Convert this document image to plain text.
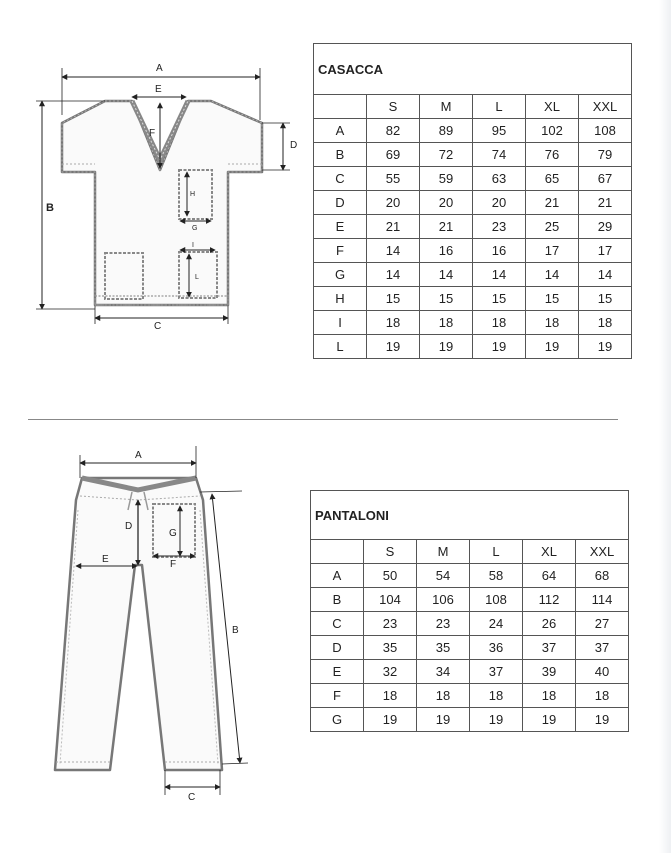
A
E
F
B
D
C
H
G
I
L
CASACCA					
	S	M	L	XL	XXL
A	82	89	95	102	108
B	69	72	74	76	79
C	55	59	63	65	67
D	20	20	20	21	21
E	21	21	23	25	29
F	14	16	16	17	17
G	14	14	14	14	14
H	15	15	15	15	15
I	18	18	18	18	18
L	19	19	19	19	19
A
D
E
G
F
B
C
PANTALONI					
	S	M	L	XL	XXL
A	50	54	58	64	68
B	104	106	108	112	114
C	23	23	24	26	27
D	35	35	36	37	37
E	32	34	37	39	40
F	18	18	18	18	18
G	19	19	19	19	19
